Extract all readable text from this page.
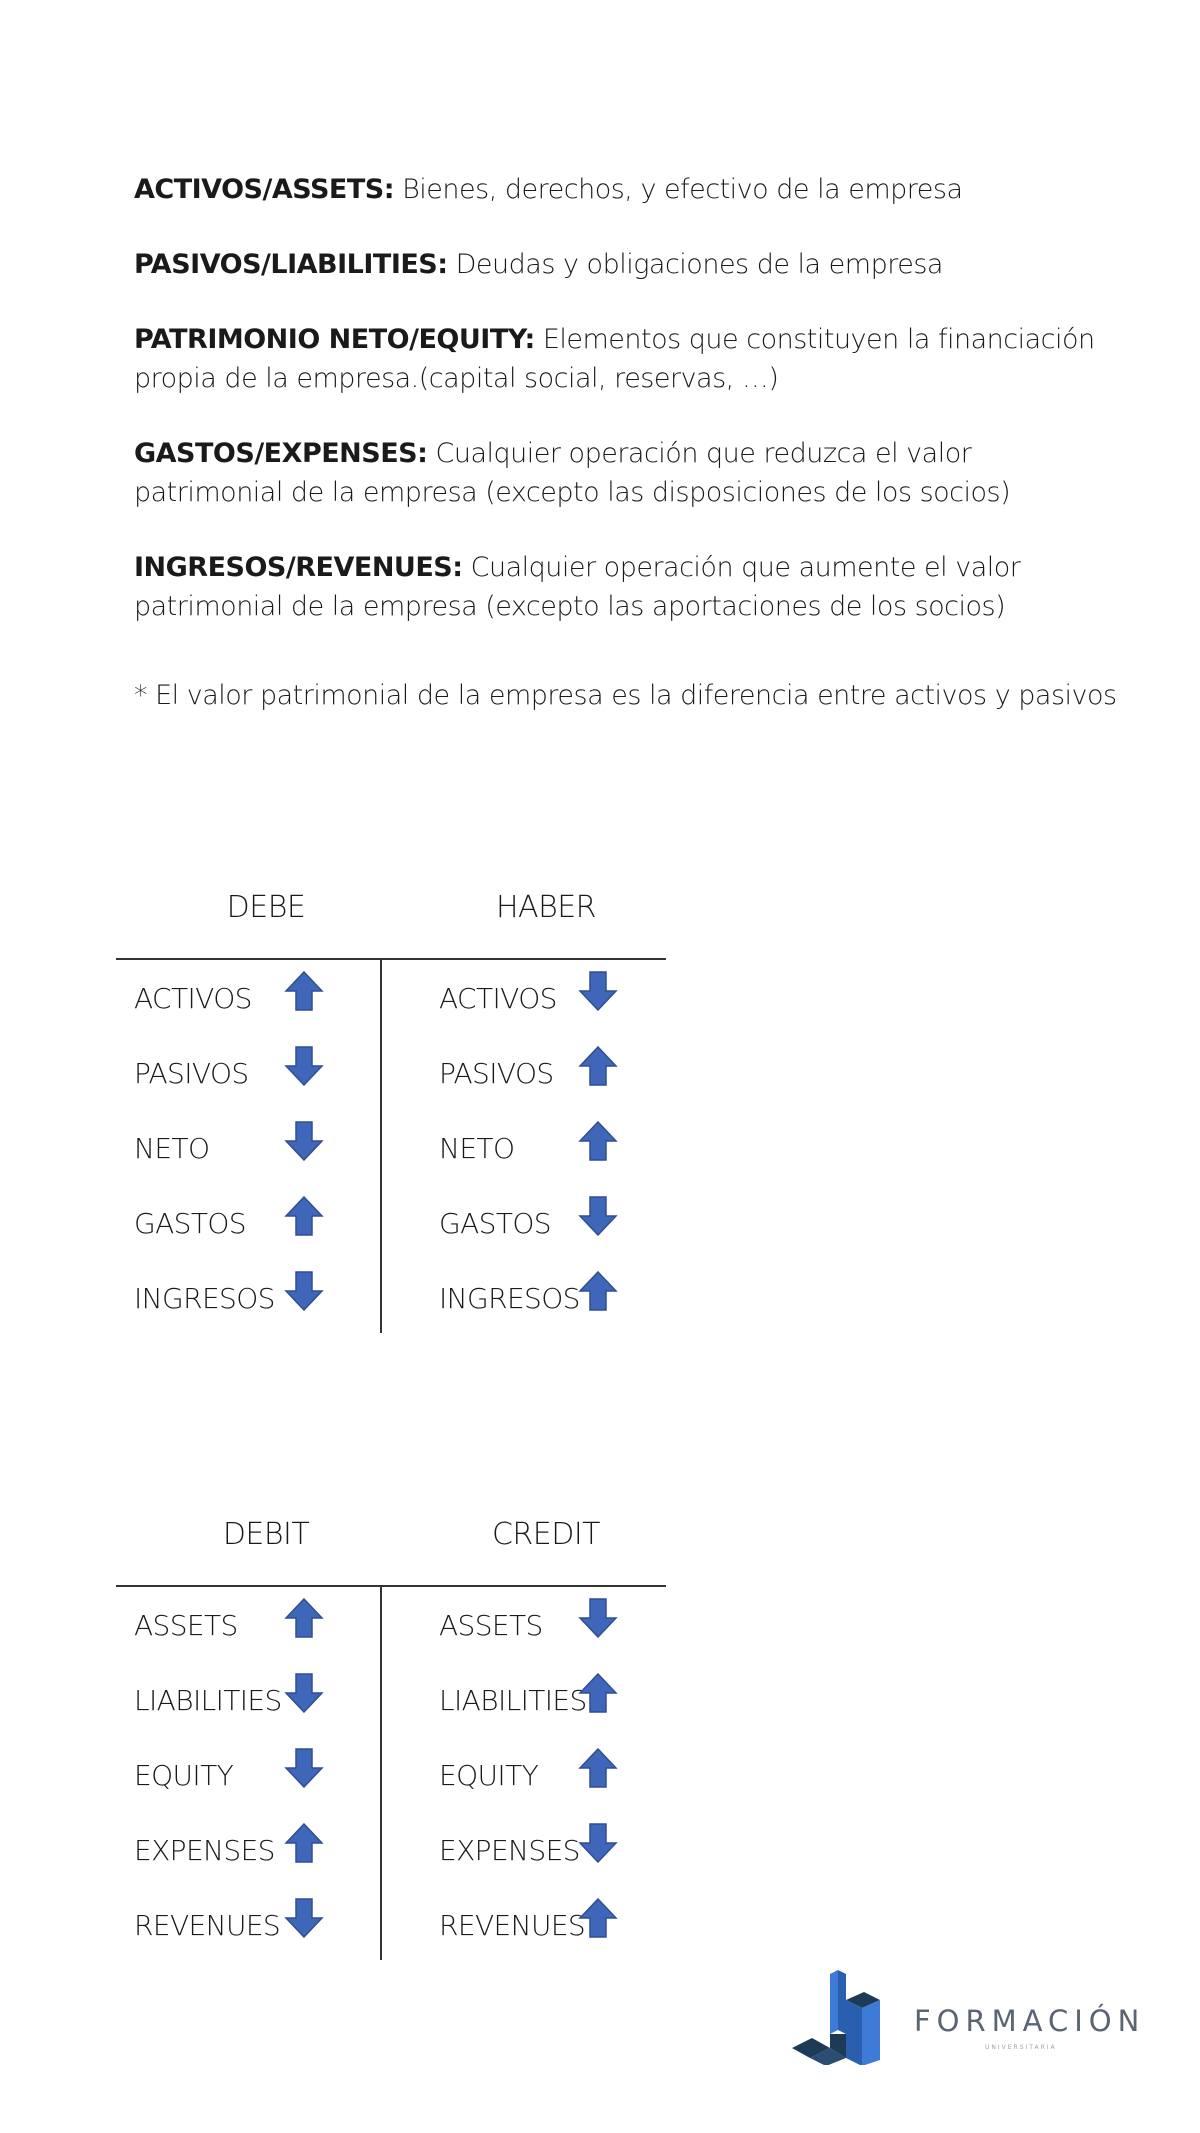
ACTIVOS/ASSETS: Bienes, derechos, y efectivo de la empresa

PASIVOS/LIABILITIES: Deudas y obligaciones de la empresa

PATRIMONIO NETO/EQUITY: Elementos que constituyen la financiación propia de la empresa.(capital social, reservas, …)

GASTOS/EXPENSES: Cualquier operación que reduzca el valor patrimonial de la empresa (excepto las disposiciones de los socios)

INGRESOS/REVENUES: Cualquier operación que aumente el valor patrimonial de la empresa (excepto las aportaciones de los socios)

* El valor patrimonial de la empresa es la diferencia entre activos y pasivos
DEBE	HABER
ACTIVOS	ACTIVOS
PASIVOS	PASIVOS
NETO	NETO
GASTOS	GASTOS
INGRESOS	INGRESOS
DEBIT	CREDIT
ASSETS	ASSETS
LIABILITIES	LIABILITIES
EQUITY	EQUITY
EXPENSES	EXPENSES
REVENUES	REVENUES
FORMACIÓN
UNIVERSITARIA
